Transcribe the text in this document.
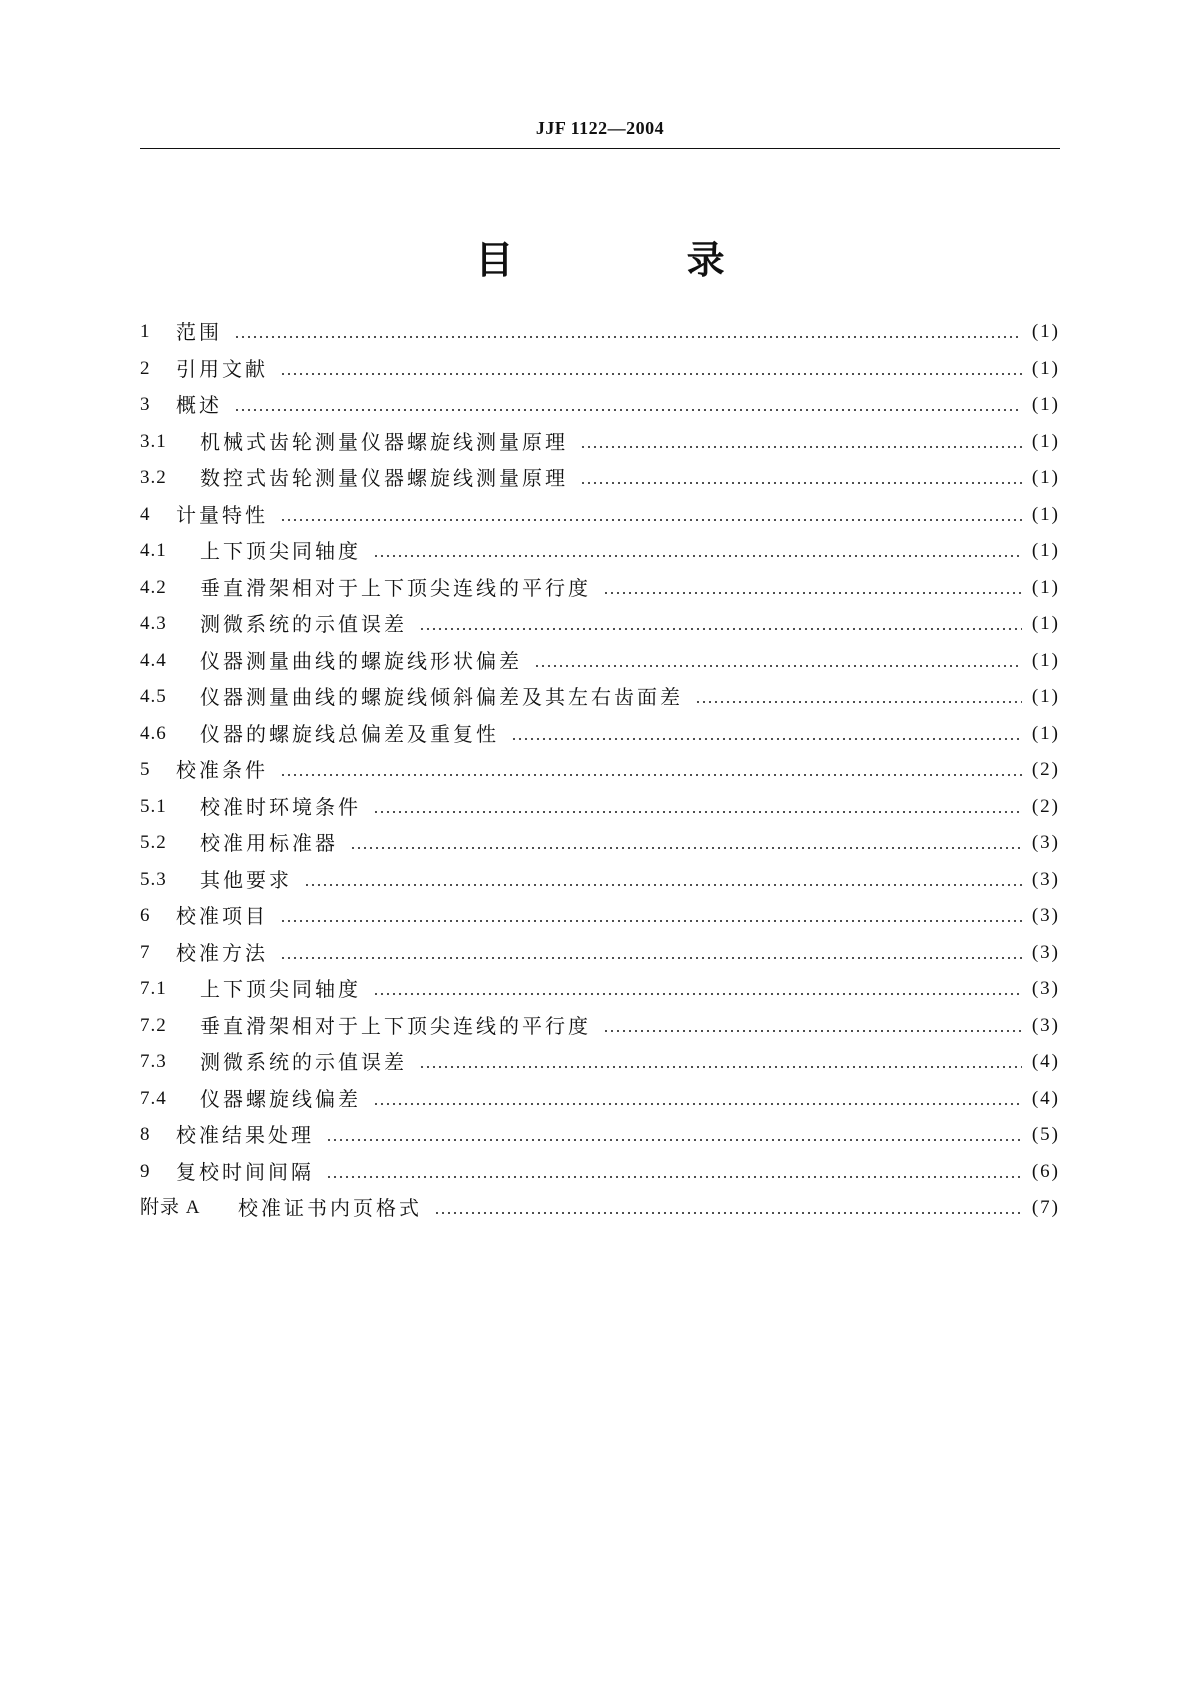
JJF 1122—2004
目 录
1	范围	(1)
2	引用文献	(1)
3	概述	(1)
3.1	机械式齿轮测量仪器螺旋线测量原理	(1)
3.2	数控式齿轮测量仪器螺旋线测量原理	(1)
4	计量特性	(1)
4.1	上下顶尖同轴度	(1)
4.2	垂直滑架相对于上下顶尖连线的平行度	(1)
4.3	测微系统的示值误差	(1)
4.4	仪器测量曲线的螺旋线形状偏差	(1)
4.5	仪器测量曲线的螺旋线倾斜偏差及其左右齿面差	(1)
4.6	仪器的螺旋线总偏差及重复性	(1)
5	校准条件	(2)
5.1	校准时环境条件	(2)
5.2	校准用标准器	(3)
5.3	其他要求	(3)
6	校准项目	(3)
7	校准方法	(3)
7.1	上下顶尖同轴度	(3)
7.2	垂直滑架相对于上下顶尖连线的平行度	(3)
7.3	测微系统的示值误差	(4)
7.4	仪器螺旋线偏差	(4)
8	校准结果处理	(5)
9	复校时间间隔	(6)
附录 A	校准证书内页格式	(7)
